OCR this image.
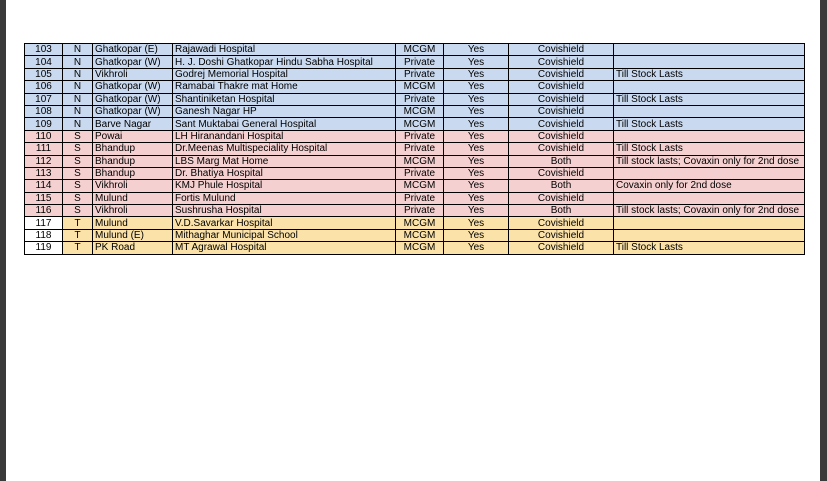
103	N	Ghatkopar (E)	Rajawadi Hospital	MCGM	Yes	Covishield	
104	N	Ghatkopar (W)	H. J. Doshi Ghatkopar Hindu Sabha Hospital	Private	Yes	Covishield	
105	N	Vikhroli	Godrej Memorial Hospital	Private	Yes	Covishield	Till Stock Lasts
106	N	Ghatkopar (W)	Ramabai Thakre mat Home	MCGM	Yes	Covishield	
107	N	Ghatkopar (W)	Shantiniketan Hospital	Private	Yes	Covishield	Till Stock Lasts
108	N	Ghatkopar (W)	Ganesh Nagar HP	MCGM	Yes	Covishield	
109	N	Barve Nagar	Sant Muktabai General Hospital	MCGM	Yes	Covishield	Till Stock Lasts
110	S	Powai	LH Hiranandani Hospital	Private	Yes	Covishield	
111	S	Bhandup	Dr.Meenas Multispeciality Hospital	Private	Yes	Covishield	Till Stock Lasts
112	S	Bhandup	LBS Marg Mat Home	MCGM	Yes	Both	Till stock lasts; Covaxin only for 2nd dose
113	S	Bhandup	Dr. Bhatiya Hospital	Private	Yes	Covishield	
114	S	Vikhroli	KMJ Phule Hospital	MCGM	Yes	Both	Covaxin only for 2nd dose
115	S	Mulund	Fortis Mulund	Private	Yes	Covishield	
116	S	Vikhroli	Sushrusha Hospital	Private	Yes	Both	Till stock lasts; Covaxin only for 2nd dose
117	T	Mulund	V.D.Savarkar Hospital	MCGM	Yes	Covishield	
118	T	Mulund (E)	Mithaghar Municipal School	MCGM	Yes	Covishield	
119	T	PK Road	MT Agrawal Hospital	MCGM	Yes	Covishield	Till Stock Lasts
